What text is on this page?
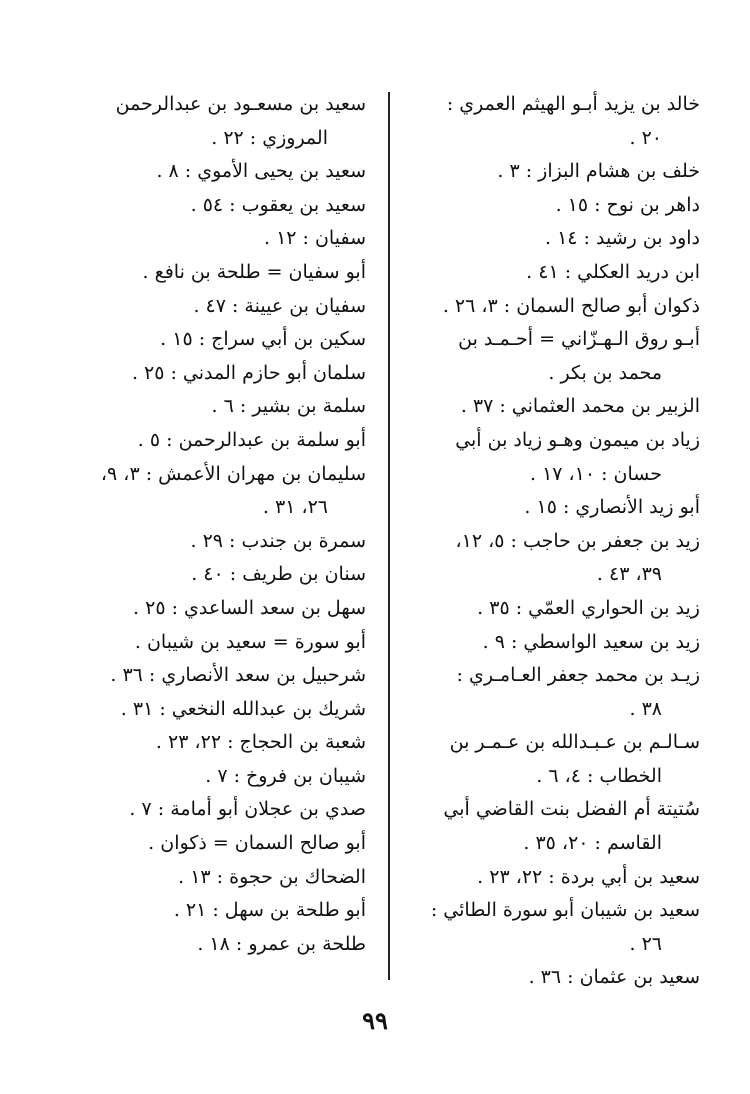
خالد بن يزيد أبـو الهيثم العمري :
٢٠ .
خلف بن هشام البزاز : ٣ .
داهر بن نوح : ١٥ .
داود بن رشيد : ١٤ .
ابن دريد العكلي : ٤١ .
ذكوان أبو صالح السمان : ٣، ٢٦ .
أبـو روق الـهـزّاني = أحـمـد بن
محمد بن بكر .
الزبير بن محمد العثماني : ٣٧ .
زياد بن ميمون وهـو زياد بن أبي
حسان : ١٠، ١٧ .
أبو زيد الأنصاري : ١٥ .
زيد بن جعفر بن حاجب : ٥، ١٢،
٣٩، ٤٣ .
زيد بن الحواري العمّي : ٣٥ .
زيد بن سعيد الواسطي : ٩ .
زيـد بن محمد جعفر العـامـري :
٣٨ .
سـالـم بن عـبـدالله بن عـمـر بن
الخطاب : ٤، ٦ .
سُتيتة أم الفضل بنت القاضي أبي
القاسم : ٢٠، ٣٥ .
سعيد بن أبي بردة : ٢٢، ٢٣ .
سعيد بن شيبان أبو سورة الطائي :
٢٦ .
سعيد بن عثمان : ٣٦ .
سعيد بن مسعـود بن عبدالرحمن
المروزي : ٢٢ .
سعيد بن يحيى الأموي : ٨ .
سعيد بن يعقوب : ٥٤ .
سفيان : ١٢ .
أبو سفيان = طلحة بن نافع .
سفيان بن عيينة : ٤٧ .
سكين بن أبي سراج : ١٥ .
سلمان أبو حازم المدني : ٢٥ .
سلمة بن بشير : ٦ .
أبو سلمة بن عبدالرحمن : ٥ .
سليمان بن مهران الأعمش : ٣، ٩،
٢٦، ٣١ .
سمرة بن جندب : ٢٩ .
سنان بن طريف : ٤٠ .
سهل بن سعد الساعدي : ٢٥ .
أبو سورة = سعيد بن شيبان .
شرحبيل بن سعد الأنصاري : ٣٦ .
شريك بن عبدالله النخعي : ٣١ .
شعبة بن الحجاج : ٢٢، ٢٣ .
شيبان بن فروخ : ٧ .
صدي بن عجلان أبو أمامة : ٧ .
أبو صالح السمان = ذكوان .
الضحاك بن حجوة : ١٣ .
أبو طلحة بن سهل : ٢١ .
طلحة بن عمرو : ١٨ .
٩٩
